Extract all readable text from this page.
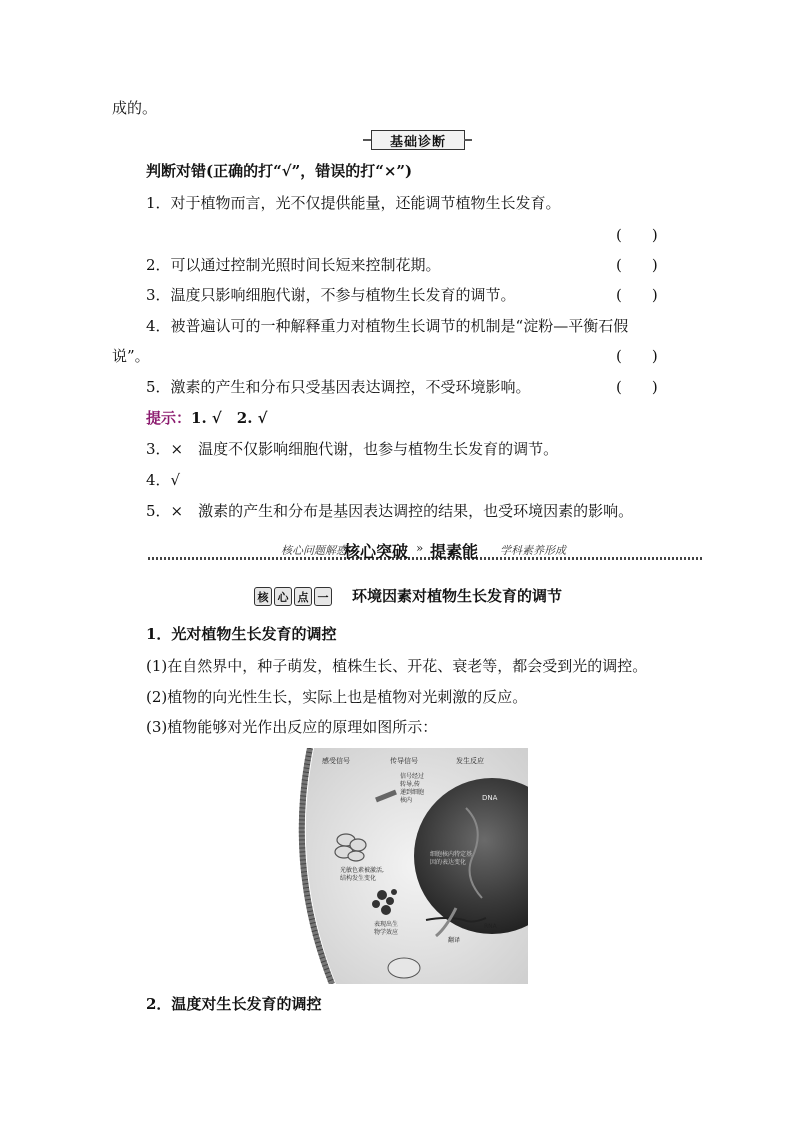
成的。
基础诊断
判断对错(正确的打“√”，错误的打“×”)
1．对于植物而言，光不仅提供能量，还能调节植物生长发育。
(　　)
2．可以通过控制光照时间长短来控制花期。	(　　)
3．温度只影响细胞代谢，不参与植物生长发育的调节。	(　　)
4．被普遍认可的一种解释重力对植物生长调节的机制是“淀粉—平衡石假
说”。	(　　)
5．激素的产生和分布只受基因表达调控，不受环境影响。	(　　)
提示：1. √　2. √
3．×　温度不仅影响细胞代谢，也参与植物生长发育的调节。
4．√
5．×　激素的产生和分布是基因表达调控的结果，也受环境因素的影响。
核心问题解惑
核心突破 » 提素能 学科素养形成
核 心 点 一 环境因素对植物生长发育的调节
1．光对植物生长发育的调控
(1)在自然界中，种子萌发，植株生长、开花、衰老等，都会受到光的调控。
(2)植物的向光性生长，实际上也是植物对光刺激的反应。
(3)植物能够对光作出反应的原理如图所示：
感受信号	传导信号	发生反应
信号经过
转导,传
递到细胞
核内	DNA
细胞核内特定基
因的表达变化
光敏色素被激活,
结构发生变化
表现出生
物学效应
RNA
翻译
2．温度对生长发育的调控
